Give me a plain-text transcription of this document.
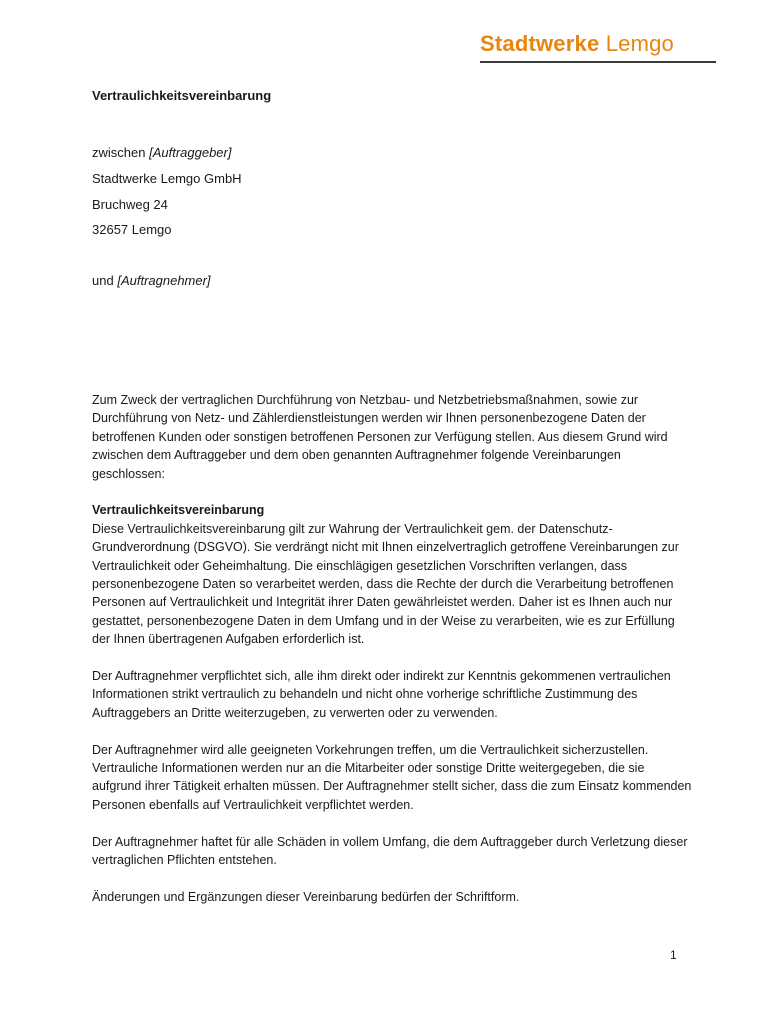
Stadtwerke Lemgo
Vertraulichkeitsvereinbarung
zwischen [Auftraggeber]
Stadtwerke Lemgo GmbH
Bruchweg 24
32657 Lemgo
und [Auftragnehmer]

Zum Zweck der vertraglichen Durchführung von Netzbau- und Netzbetriebsmaßnahmen, sowie zur Durchführung von Netz- und Zählerdienstleistungen werden wir Ihnen personenbezogene Daten der betroffenen Kunden oder sonstigen betroffenen Personen zur Verfügung stellen. Aus diesem Grund wird zwischen dem Auftraggeber und dem oben genannten Auftragnehmer folgende Vereinbarungen geschlossen:

Vertraulichkeitsvereinbarung
Diese Vertraulichkeitsvereinbarung gilt zur Wahrung der Vertraulichkeit gem. der Datenschutz-Grundverordnung (DSGVO). Sie verdrängt nicht mit Ihnen einzelvertraglich getroffene Vereinbarungen zur Vertraulichkeit oder Geheimhaltung. Die einschlägigen gesetzlichen Vorschriften verlangen, dass personenbezogene Daten so verarbeitet werden, dass die Rechte der durch die Verarbeitung betroffenen Personen auf Vertraulichkeit und Integrität ihrer Daten gewährleistet werden. Daher ist es Ihnen auch nur gestattet, personenbezogene Daten in dem Umfang und in der Weise zu verarbeiten, wie es zur Erfüllung der Ihnen übertragenen Aufgaben erforderlich ist.

Der Auftragnehmer verpflichtet sich, alle ihm direkt oder indirekt zur Kenntnis gekommenen vertraulichen Informationen strikt vertraulich zu behandeln und nicht ohne vorherige schriftliche Zustimmung des Auftraggebers an Dritte weiterzugeben, zu verwerten oder zu verwenden.

Der Auftragnehmer wird alle geeigneten Vorkehrungen treffen, um die Vertraulichkeit sicherzustellen. Vertrauliche Informationen werden nur an die Mitarbeiter oder sonstige Dritte weitergegeben, die sie aufgrund ihrer Tätigkeit erhalten müssen. Der Auftragnehmer stellt sicher, dass die zum Einsatz kommenden Personen ebenfalls auf Vertraulichkeit verpflichtet werden.

Der Auftragnehmer haftet für alle Schäden in vollem Umfang, die dem Auftraggeber durch Verletzung dieser vertraglichen Pflichten entstehen.

Änderungen und Ergänzungen dieser Vereinbarung bedürfen der Schriftform.

1
